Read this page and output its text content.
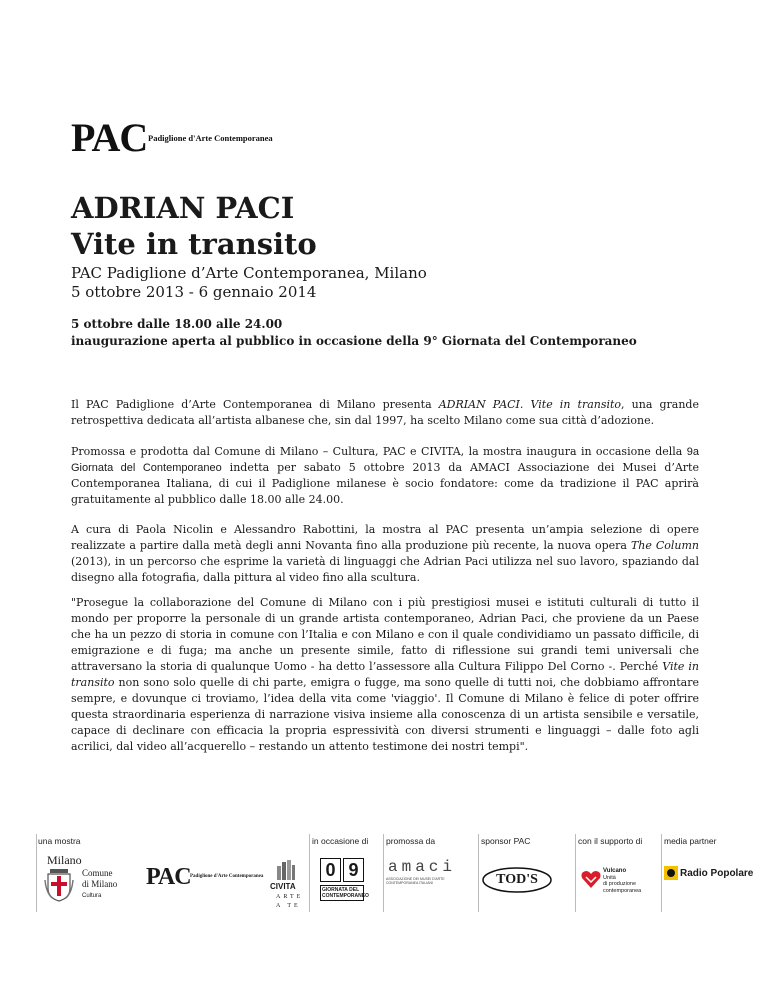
PAC Padiglione d'Arte Contemporanea
ADRIAN PACI
Vite in transito
PAC Padiglione d’Arte Contemporanea, Milano
5 ottobre 2013 - 6 gennaio 2014
5 ottobre dalle 18.00 alle 24.00
inaugurazione aperta al pubblico in occasione della 9° Giornata del Contemporaneo

Il PAC Padiglione d’Arte Contemporanea di Milano presenta ADRIAN PACI. Vite in transito, una grande retrospettiva dedicata all’artista albanese che, sin dal 1997, ha scelto Milano come sua città d’adozione.

Promossa e prodotta dal Comune di Milano – Cultura, PAC e CIVITA, la mostra inaugura in occasione della 9a Giornata del Contemporaneo indetta per sabato 5 ottobre 2013 da AMACI Associazione dei Musei d’Arte Contemporanea Italiana, di cui il Padiglione milanese è socio fondatore: come da tradizione il PAC aprirà gratuitamente al pubblico dalle 18.00 alle 24.00.

A cura di Paola Nicolin e Alessandro Rabottini, la mostra al PAC presenta un’ampia selezione di opere realizzate a partire dalla metà degli anni Novanta fino alla produzione più recente, la nuova opera The Column (2013), in un percorso che esprime la varietà di linguaggi che Adrian Paci utilizza nel suo lavoro, spaziando dal disegno alla fotografia, dalla pittura al video fino alla scultura.

"Prosegue la collaborazione del Comune di Milano con i più prestigiosi musei e istituti culturali di tutto il mondo per proporre la personale di un grande artista contemporaneo, Adrian Paci, che proviene da un Paese che ha un pezzo di storia in comune con l’Italia e con Milano e con il quale condividiamo un passato difficile, di emigrazione e di fuga; ma anche un presente simile, fatto di riflessione sui grandi temi universali che attraversano la storia di qualunque Uomo - ha detto l’assessore alla Cultura Filippo Del Corno -. Perché Vite in transito non sono solo quelle di chi parte, emigra o fugge, ma sono quelle di tutti noi, che dobbiamo affrontare sempre, e dovunque ci troviamo, l’idea della vita come 'viaggio'. Il Comune di Milano è felice di poter offrire questa straordinaria esperienza di narrazione visiva insieme alla conoscenza di un artista sensibile e versatile, capace di declinare con efficacia la propria espressività con diversi strumenti e linguaggi – dalle foto agli acrilici, dal video all’acquerello – restando un attento testimone dei nostri tempi".

una mostra	in occasione di promossa da	sponsor PAC	con il supporto di	media partner
Milano
Comune
di Milano
Cultura
PAC Padiglione d'Arte Contemporanea
CIVITA
ARTE
A TE
0 9
GIORNATA DEL
CONTEMPORANEO
amaci
ASSOCIAZIONE DEI MUSEI D'ARTE CONTEMPORANEA ITALIANI	TOD'S
Vulcano
Unità
di produzione
contemporanea
Radio Popolare
